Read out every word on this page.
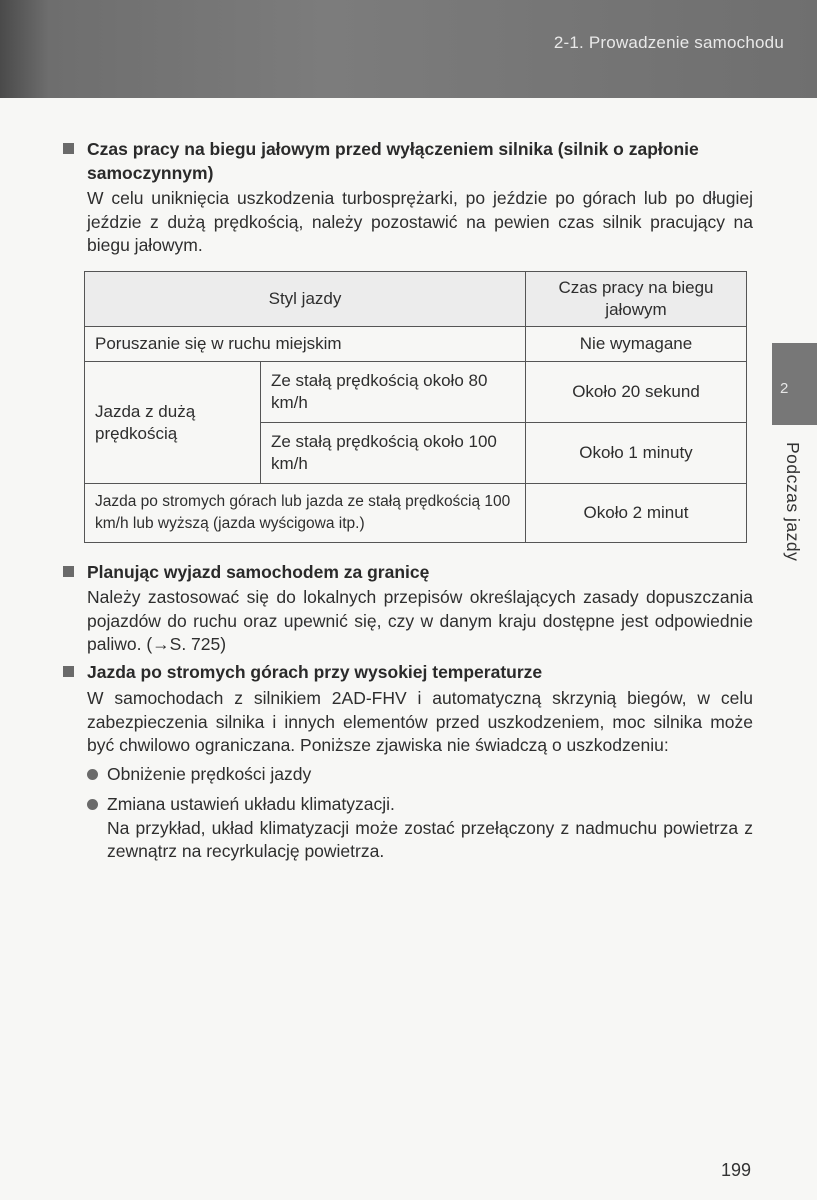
2-1. Prowadzenie samochodu
Czas pracy na biegu jałowym przed wyłączeniem silnika (silnik o zapłonie samoczynnym)
W celu uniknięcia uszkodzenia turbosprężarki, po jeździe po górach lub po długiej jeździe z dużą prędkością, należy pozostawić na pewien czas silnik pracujący na biegu jałowym.
Styl jazdy		Czas pracy na biegu jałowym
Poruszanie się w ruchu miejskim		Nie wymagane
Jazda z dużą prędkością	Ze stałą prędkością około 80 km/h	Około 20 sekund
	Ze stałą prędkością około 100 km/h	Około 1 minuty
Jazda po stromych górach lub jazda ze stałą prędkością 100 km/h lub wyższą (jazda wyścigowa itp.)		Około 2 minut
Planując wyjazd samochodem za granicę
Należy zastosować się do lokalnych przepisów określających zasady dopuszczania pojazdów do ruchu oraz upewnić się, czy w danym kraju dostępne jest odpowiednie paliwo. (→S. 725)
Jazda po stromych górach przy wysokiej temperaturze
W samochodach z silnikiem 2AD-FHV i automatyczną skrzynią biegów, w celu zabezpieczenia silnika i innych elementów przed uszkodzeniem, moc silnika może być chwilowo ograniczana. Poniższe zjawiska nie świadczą o uszkodzeniu:
Obniżenie prędkości jazdy
Zmiana ustawień układu klimatyzacji.
Na przykład, układ klimatyzacji może zostać przełączony z nadmuchu powietrza z zewnątrz na recyrkulację powietrza.
2
Podczas jazdy
199
